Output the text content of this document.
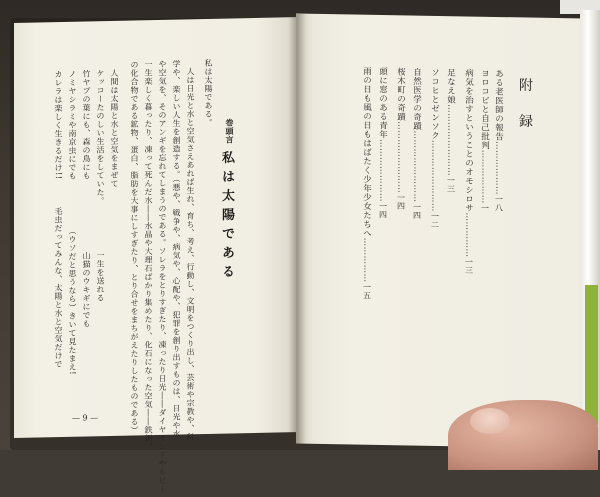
巻頭言
私は太陽である
私は太陽である。
人は日光と水と空気さえあれば生れ、育ち、考え、行動し、文明をつくり出し、芸術や宗教や、科
学や、楽しい人生を創造する。（悪や、戦争や、病気や、心配や、犯罪を創り出すものは、日光や水
や空気を、そのアンギを忘れてしまうのである。ソレラをとりすぎたり、凍ったり日光――ダイヤモンドやルビー
一生楽しく暮ったり、凍って死んだ水――水晶や大理石ばかり集めたり、化石になった空気――鉄鋼、
の化合物である鉱物、蛋白、脂肪を大事にしすぎたり、とり合せをまちがえたりしたものである）
人間は太陽と水と空気をまぜて
ケッコーたのしい生活をしていた。
竹ヤブの葉にも、森の鳥にも
ノミヤシラミや南京虫にでも
カレラは楽しく生きるだけ!!
一生を送れる
山猫のウキギにでも
（ウソだと思うなら）きいて見たまえ!
毛虫だってみんな、太陽と水と空気だけで
— 9 —
附録
ある老医師の報告………………一八
ヨロコビと自己批判………………一
病気を治すということのオモシロサ……………一三
足なえ娘……………………一三
ソコヒとゼンソク……………………一二
自然医学の奇蹟……………………一四
桜木町の奇蹟……………………一四
頭に窓のある青年…………………一四
雨の日も風の日もはばたく少年少女たちへ……………一五
